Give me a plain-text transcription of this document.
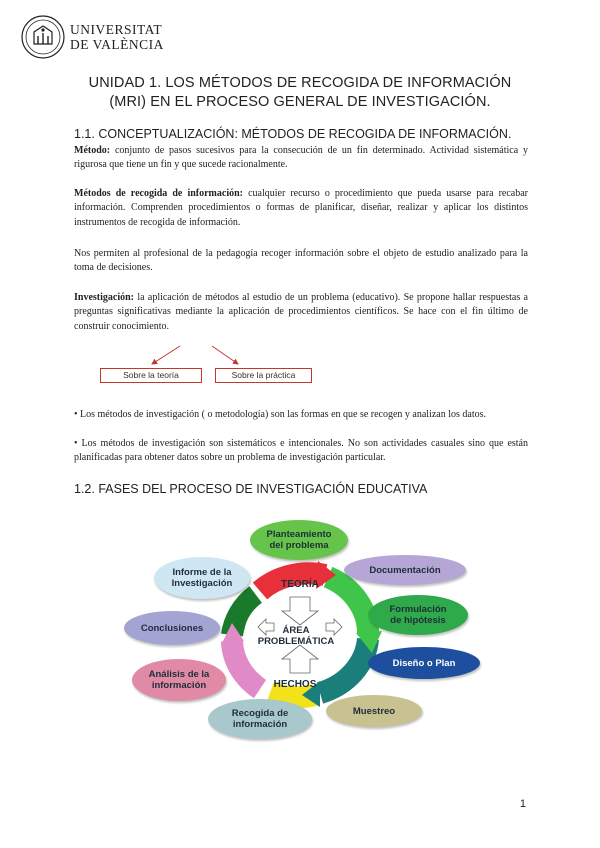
UNIVERSITAT
DE VALÈNCIA
UNIDAD 1. LOS MÉTODOS DE RECOGIDA DE INFORMACIÓN
(MRI) EN EL PROCESO GENERAL DE INVESTIGACIÓN.
1.1. CONCEPTUALIZACIÓN: MÉTODOS DE RECOGIDA DE INFORMACIÓN.
Método: conjunto de pasos sucesivos para la consecución de un fin determinado. Actividad sistemática y rigurosa que tiene un fin y que sucede racionalmente.
Métodos de recogida de información: cualquier recurso o procedimiento que pueda usarse para recabar información. Comprenden procedimientos o formas de planificar, diseñar, realizar y aplicar los distintos instrumentos de recogida de información.
Nos permiten al profesional de la pedagogía recoger información sobre el objeto de estudio analizado para la toma de decisiones.
Investigación: la aplicación de métodos al estudio de un problema (educativo). Se propone hallar respuestas a preguntas significativas mediante la aplicación de procedimientos científicos. Se hace con el fin último de construir conocimiento.
Sobre la teoría	Sobre la práctica
• Los métodos de investigación ( o metodología) son las formas en que se recogen y analizan los datos.
• Los métodos de investigación son sistemáticos e intencionales. No son actividades casuales sino que están planificadas para obtener datos sobre un problema de investigación particular.
1.2. FASES DEL PROCESO DE INVESTIGACIÓN EDUCATIVA
TEORÍA
HECHOS
ÁREA
PROBLEMÁTICA
Planteamiento del problema
Documentación
Formulación de hipótesis
Diseño o Plan
Muestreo
Recogida de información
Análisis de la información
Conclusiones
Informe de la Investigación
1
